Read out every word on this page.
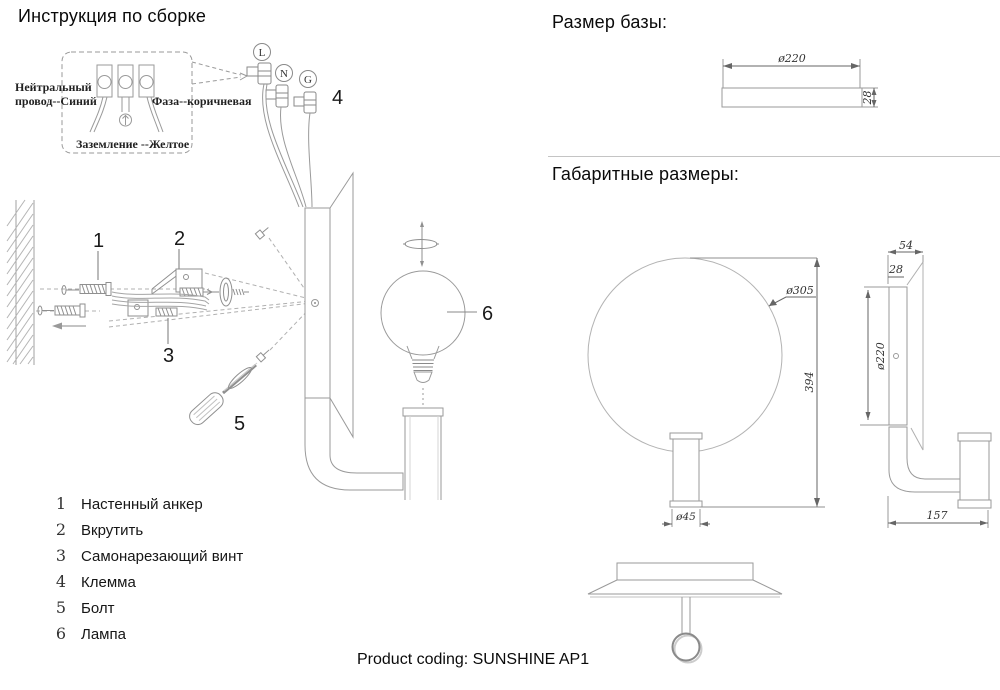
Инструкция по сборке
Нейтральный
провод--Синий	Фаза--коричневая
Заземление --Желтое
L
N G
4
1	2
3
5
6
1 Настенный анкер
2 Вкрутить
3 Самонарезающий винт
4 Клемма
5 Болт
6 Лампа
Размер базы:
ø220
28
Габаритные размеры:
394
ø45
ø305
54
28
ø220
157
Product coding: SUNSHINE AP1
